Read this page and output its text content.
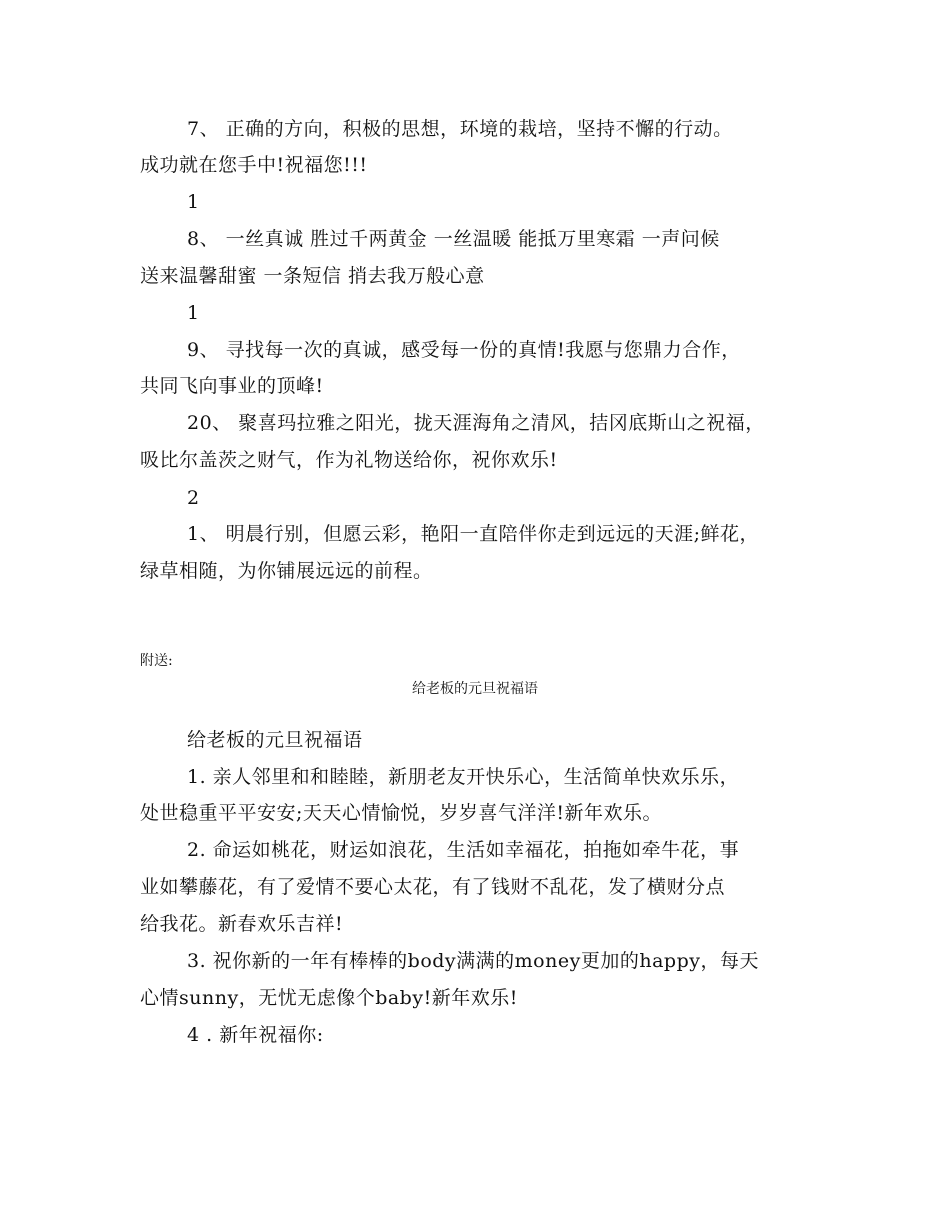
7、 正确的方向，积极的思想，环境的栽培，坚持不懈的行动。
成功就在您手中!祝福您!!!
1
8、 一丝真诚 胜过千两黄金 一丝温暖 能抵万里寒霜 一声问候
送来温馨甜蜜 一条短信 捎去我万般心意
1
9、 寻找每一次的真诚，感受每一份的真情!我愿与您鼎力合作，
共同飞向事业的顶峰!
20、 聚喜玛拉雅之阳光，拢天涯海角之清风，拮冈底斯山之祝福，
吸比尔盖茨之财气，作为礼物送给你，祝你欢乐!
2
1、 明晨行别，但愿云彩，艳阳一直陪伴你走到远远的天涯;鲜花，
绿草相随，为你铺展远远的前程。
附送:
给老板的元旦祝福语
给老板的元旦祝福语
1. 亲人邻里和和睦睦，新朋老友开快乐心，生活简单快欢乐乐，
处世稳重平平安安;天天心情愉悦，岁岁喜气洋洋!新年欢乐。
2. 命运如桃花，财运如浪花，生活如幸福花，拍拖如牵牛花，事
业如攀藤花，有了爱情不要心太花，有了钱财不乱花，发了横财分点
给我花。新春欢乐吉祥!
3. 祝你新的一年有棒棒的body满满的money更加的happy，每天
心情sunny，无忧无虑像个baby!新年欢乐!
4 . 新年祝福你:
